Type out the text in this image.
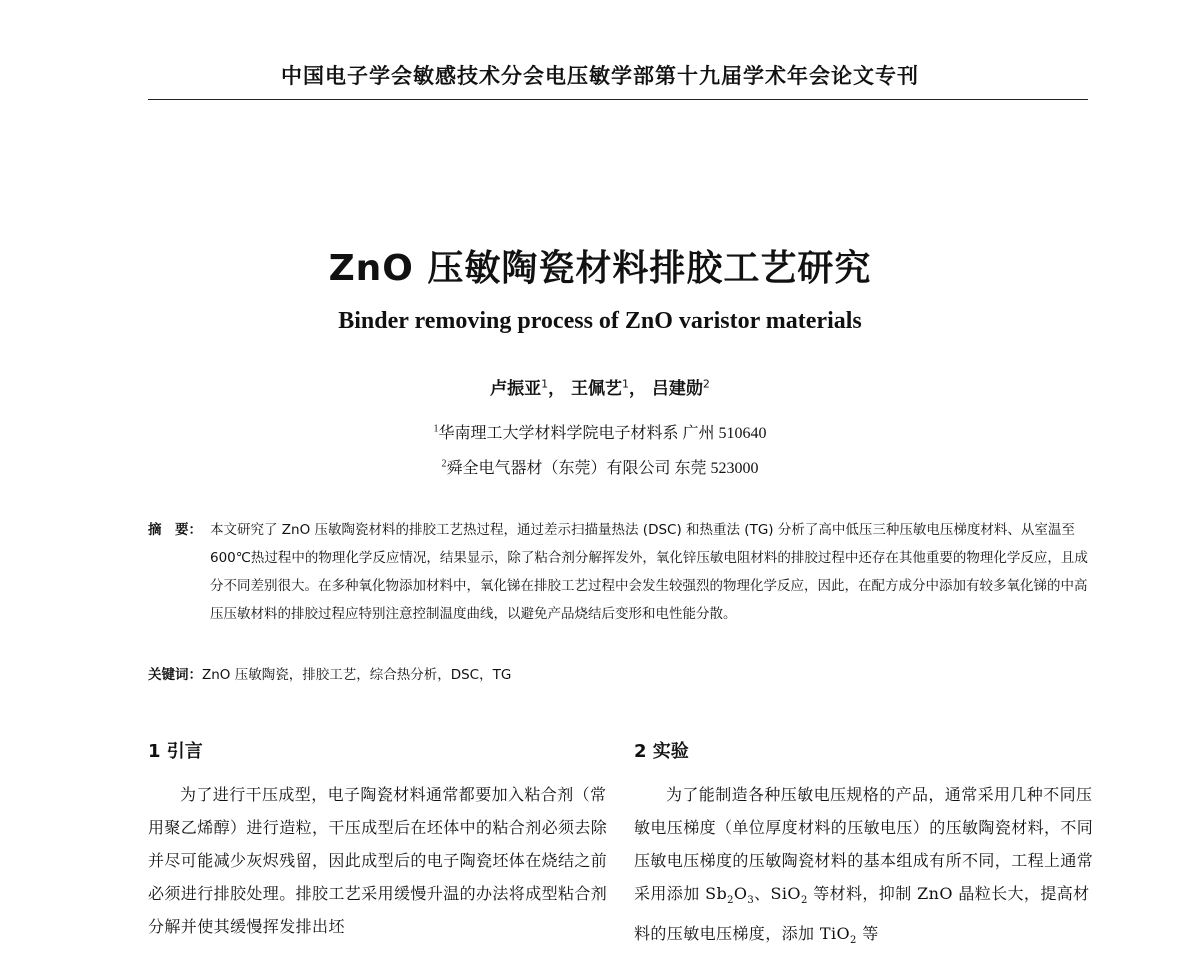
中国电子学会敏感技术分会电压敏学部第十九届学术年会论文专刊
ZnO 压敏陶瓷材料排胶工艺研究
Binder removing process of ZnO varistor materials
卢振亚$^1$， 王佩艺$^1$， 吕建勋$^2$
$^1$华南理工大学材料学院电子材料系 广州 510640
$^2$舜全电气器材（东莞）有限公司 东莞 523000
摘　要： 本文研究了 ZnO 压敏陶瓷材料的排胶工艺热过程，通过差示扫描量热法 (DSC) 和热重法 (TG) 分析了高中低压三种压敏电压梯度材料、从室温至 600℃热过程中的物理化学反应情况，结果显示，除了粘合剂分解挥发外，氧化锌压敏电阻材料的排胶过程中还存在其他重要的物理化学反应，且成分不同差别很大。在多种氧化物添加材料中，氧化锑在排胶工艺过程中会发生较强烈的物理化学反应，因此，在配方成分中添加有较多氧化锑的中高压压敏材料的排胶过程应特别注意控制温度曲线，以避免产品烧结后变形和电性能分散。
关键词：ZnO 压敏陶瓷，排胶工艺，综合热分析，DSC，TG
1 引言	2 实验

为了进行干压成型，电子陶瓷材料通常都要加入粘合剂（常用聚乙烯醇）进行造粒，干压成型后在坯体中的粘合剂必须去除并尽可能减少灰烬残留，因此成型后的电子陶瓷坯体在烧结之前必须进行排胶处理。排胶工艺采用缓慢升温的办法将成型粘合剂分解并使其缓慢挥发排出坯

为了能制造各种压敏电压规格的产品，通常采用几种不同压敏电压梯度（单位厚度材料的压敏电压）的压敏陶瓷材料，不同压敏电压梯度的压敏陶瓷材料的基本组成有所不同，工程上通常采用添加 $Sb_2O_3$、SiO$_2$ 等材料，抑制 ZnO 晶粒长大，提高材料的压敏电压梯度，添加 TiO$_2$ 等
